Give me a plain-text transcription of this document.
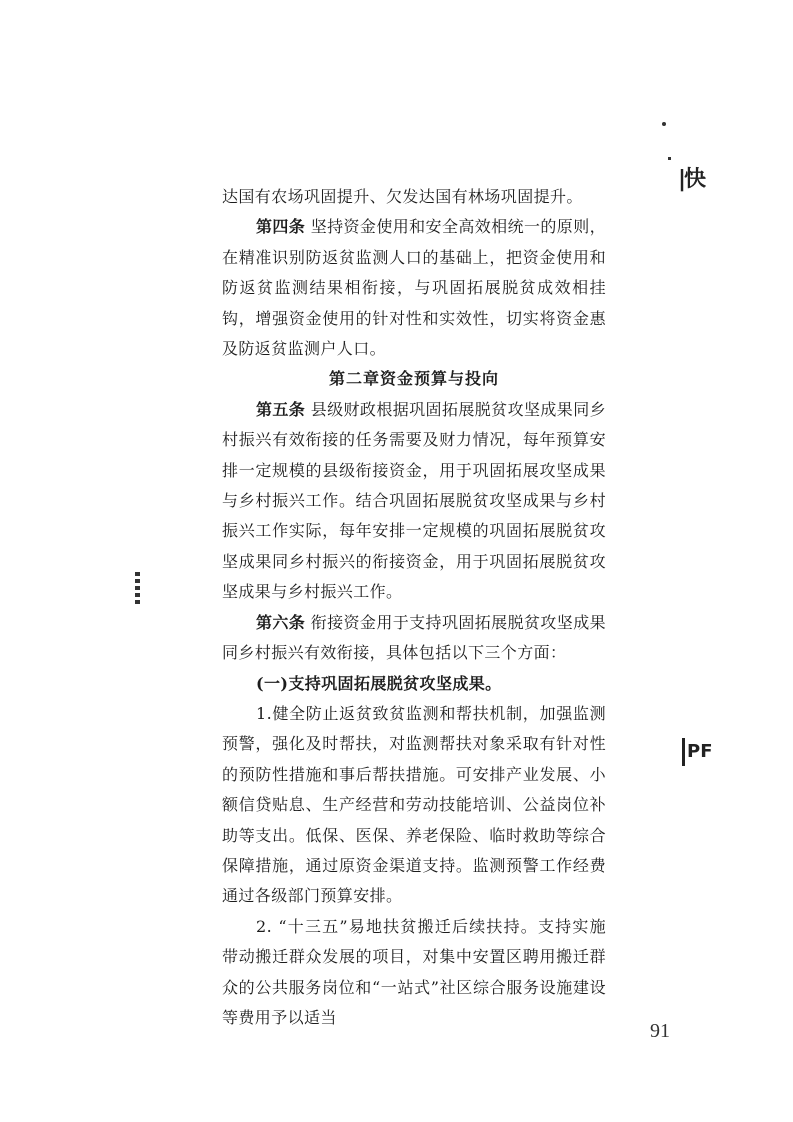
|快
PF

达国有农场巩固提升、欠发达国有林场巩固提升。

第四条 坚持资金使用和安全高效相统一的原则，在精准识别防返贫监测人口的基础上，把资金使用和防返贫监测结果相衔接，与巩固拓展脱贫成效相挂钩，增强资金使用的针对性和实效性，切实将资金惠及防返贫监测户人口。

第二章资金预算与投向

第五条 县级财政根据巩固拓展脱贫攻坚成果同乡村振兴有效衔接的任务需要及财力情况，每年预算安排一定规模的县级衔接资金，用于巩固拓展攻坚成果与乡村振兴工作。结合巩固拓展脱贫攻坚成果与乡村振兴工作实际，每年安排一定规模的巩固拓展脱贫攻坚成果同乡村振兴的衔接资金，用于巩固拓展脱贫攻坚成果与乡村振兴工作。

第六条 衔接资金用于支持巩固拓展脱贫攻坚成果同乡村振兴有效衔接，具体包括以下三个方面：

(一)支持巩固拓展脱贫攻坚成果。

1.健全防止返贫致贫监测和帮扶机制，加强监测预警，强化及时帮扶，对监测帮扶对象采取有针对性的预防性措施和事后帮扶措施。可安排产业发展、小额信贷贴息、生产经营和劳动技能培训、公益岗位补助等支出。低保、医保、养老保险、临时救助等综合保障措施，通过原资金渠道支持。监测预警工作经费通过各级部门预算安排。

2. “十三五”易地扶贫搬迁后续扶持。支持实施带动搬迁群众发展的项目，对集中安置区聘用搬迁群众的公共服务岗位和“一站式”社区综合服务设施建设等费用予以适当

91
